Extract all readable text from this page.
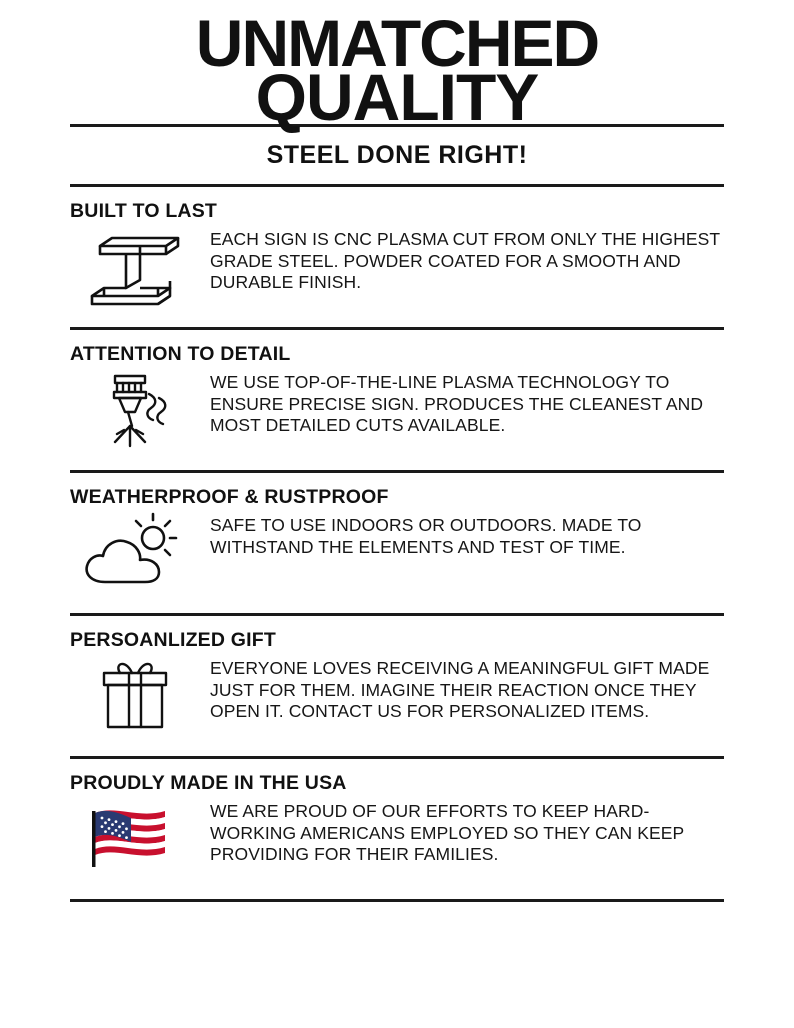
UNMATCHED
QUALITY
STEEL DONE RIGHT!
BUILT TO LAST
EACH SIGN IS CNC PLASMA CUT FROM ONLY THE HIGHEST GRADE STEEL. POWDER COATED FOR A SMOOTH AND DURABLE FINISH.
ATTENTION TO DETAIL
WE USE TOP-OF-THE-LINE PLASMA TECHNOLOGY TO ENSURE PRECISE SIGN. PRODUCES THE CLEANEST AND MOST DETAILED CUTS AVAILABLE.
WEATHERPROOF & RUSTPROOF
SAFE TO USE INDOORS OR OUTDOORS. MADE TO WITHSTAND THE ELEMENTS AND TEST OF TIME.
PERSOANLIZED GIFT
EVERYONE LOVES RECEIVING A MEANINGFUL GIFT MADE JUST FOR THEM. IMAGINE THEIR REACTION ONCE THEY OPEN IT. CONTACT US FOR PERSONALIZED ITEMS.
PROUDLY MADE IN THE USA
WE ARE PROUD OF OUR EFFORTS TO KEEP HARD-WORKING AMERICANS EMPLOYED SO THEY CAN KEEP PROVIDING FOR THEIR FAMILIES.
